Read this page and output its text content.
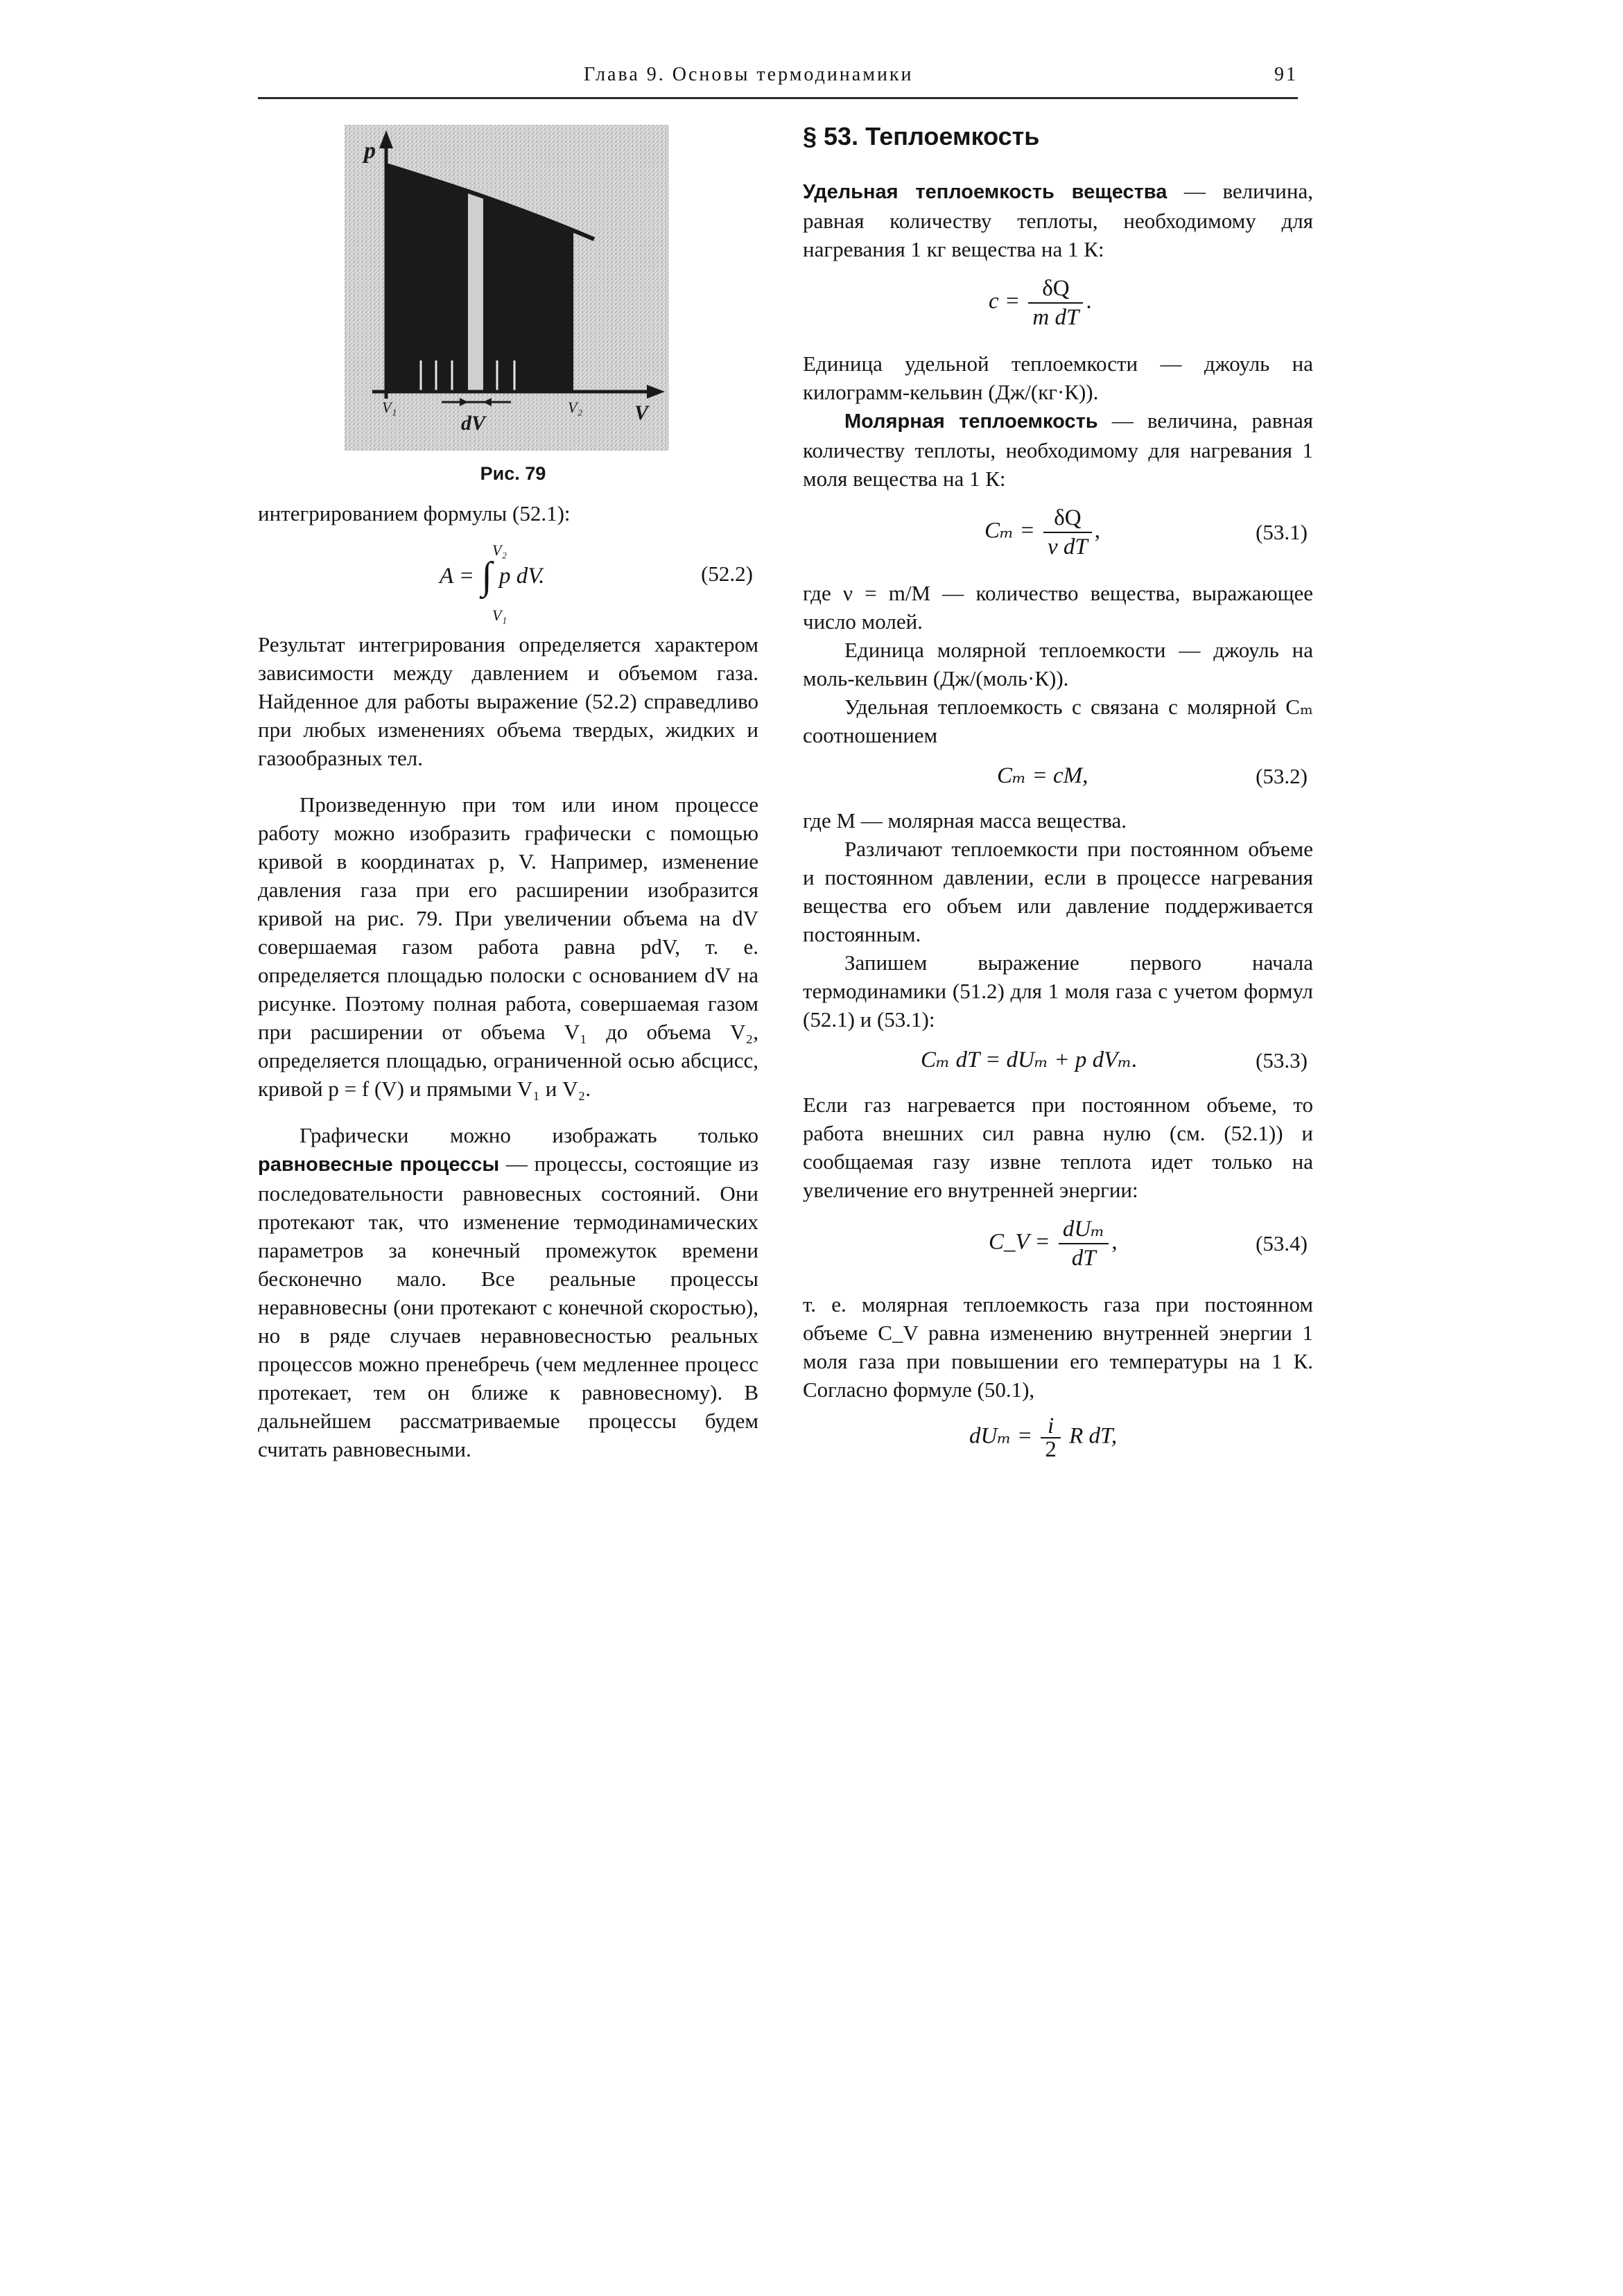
Глава 9. Основы термодинамики	91
p
V
V₁	V₂
dV
Рис. 79

интегрированием формулы (52.1):

A = ∫ p dV.
V₂
V₁
(52.2)

Результат интегрирования определяется характером зависимости между давлением и объемом газа. Найденное для работы выражение (52.2) справедливо при любых изменениях объема твердых, жидких и газообразных тел.

Произведенную при том или ином процессе работу можно изобразить графически с помощью кривой в координатах p, V. Например, изменение давления газа при его расширении изобразится кривой на рис. 79. При увеличении объема на dV совершаемая газом работа равна pdV, т. е. определяется площадью полоски с основанием dV на рисунке. Поэтому полная работа, совершаемая газом при расширении от объема V₁ до объема V₂, определяется площадью, ограниченной осью абсцисс, кривой p = f (V) и прямыми V₁ и V₂.

Графически можно изображать только равновесные процессы — процессы, состоящие из последовательности равновесных состояний. Они протекают так, что изменение термодинамических параметров за конечный промежуток времени бесконечно мало. Все реальные процессы неравновесны (они протекают с конечной скоростью), но в ряде случаев неравновесностью реальных процессов можно пренебречь (чем медленнее процесс протекает, тем он ближе к равновесному). В дальнейшем рассматриваемые процессы будем считать равновесными.

§ 53. Теплоемкость

Удельная теплоемкость вещества — величина, равная количеству теплоты, необходимому для нагревания 1 кг вещества на 1 К:

$c = \frac{\delta Q}{\text{m dT}}$ .

Единица удельной теплоемкости — джоуль на килограмм-кельвин (Дж/(кг·К)).

Молярная теплоемкость — величина, равная количеству теплоты, необходимому для нагревания 1 моля вещества на 1 К:

$C_m = \frac{\delta Q}{\text{ν dT}}$ ,	(53.1)

где ν = m/M — количество вещества, выражающее число молей.

Единица молярной теплоемкости — джоуль на моль-кельвин (Дж/(моль·К)).

Удельная теплоемкость c связана с молярной Cₘ соотношением

Cₘ = cM,	(53.2)

где M — молярная масса вещества.

Различают теплоемкости при постоянном объеме и постоянном давлении, если в процессе нагревания вещества его объем или давление поддерживается постоянным.

Запишем выражение первого начала термодинамики (51.2) для 1 моля газа с учетом формул (52.1) и (53.1):

Cₘ dT = dUₘ + p dVₘ.	(53.3)

Если газ нагревается при постоянном объеме, то работа внешних сил равна нулю (см. (52.1)) и сообщаемая газу извне теплота идет только на увеличение его внутренней энергии:

C_V = $\frac{\text{dUₘ}}{dT}$ ,	(53.4)

т. е. молярная теплоемкость газа при постоянном объеме C_V равна изменению внутренней энергии 1 моля газа при повышении его температуры на 1 К. Согласно формуле (50.1),

$dU_m = \frac{i}{2}$ R dT,
